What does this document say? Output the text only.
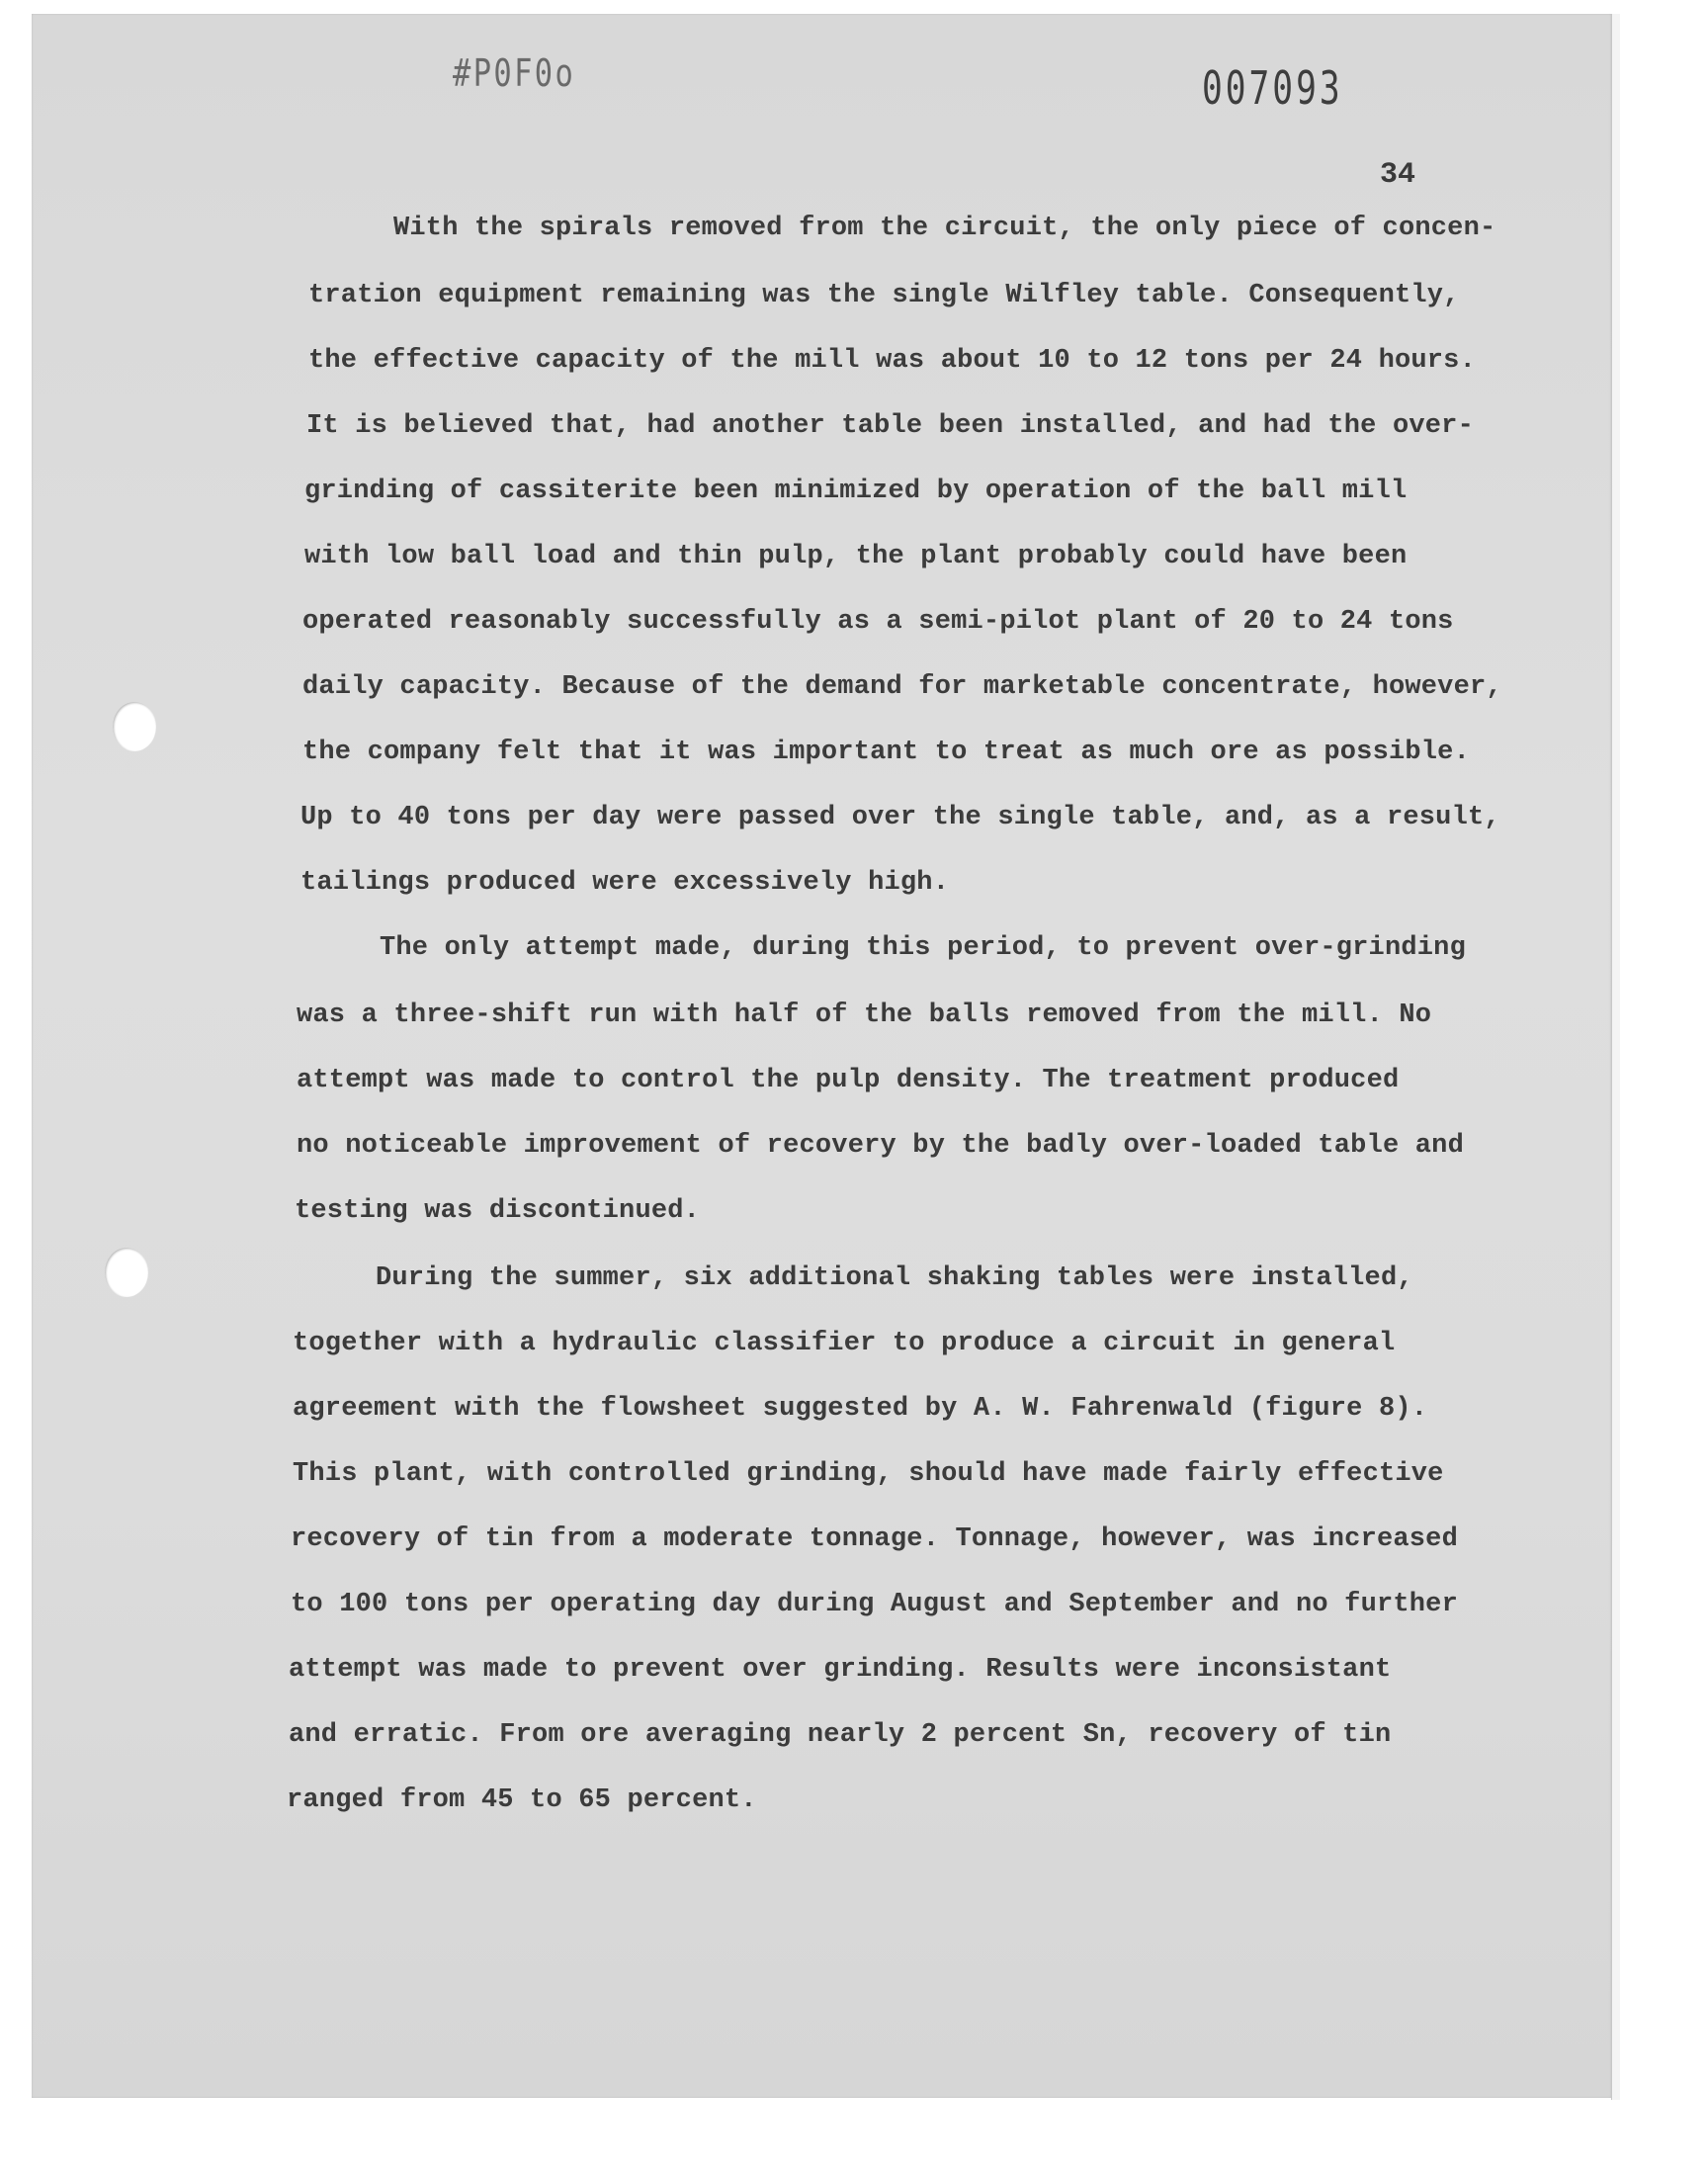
#P0F0o	007093
34
With the spirals removed from the circuit, the only piece of concen-
tration equipment remaining was the single Wilfley table. Consequently,
the effective capacity of the mill was about 10 to 12 tons per 24 hours.
It is believed that, had another table been installed, and had the over-
grinding of cassiterite been minimized by operation of the ball mill
with low ball load and thin pulp, the plant probably could have been
operated reasonably successfully as a semi-pilot plant of 20 to 24 tons
daily capacity. Because of the demand for marketable concentrate, however,
the company felt that it was important to treat as much ore as possible.
Up to 40 tons per day were passed over the single table, and, as a result,
tailings produced were excessively high.
The only attempt made, during this period, to prevent over-grinding
was a three-shift run with half of the balls removed from the mill. No
attempt was made to control the pulp density. The treatment produced
no noticeable improvement of recovery by the badly over-loaded table and
testing was discontinued.
During the summer, six additional shaking tables were installed,
together with a hydraulic classifier to produce a circuit in general
agreement with the flowsheet suggested by A. W. Fahrenwald (figure 8).
This plant, with controlled grinding, should have made fairly effective
recovery of tin from a moderate tonnage. Tonnage, however, was increased
to 100 tons per operating day during August and September and no further
attempt was made to prevent over grinding. Results were inconsistant
and erratic. From ore averaging nearly 2 percent Sn, recovery of tin
ranged from 45 to 65 percent.
